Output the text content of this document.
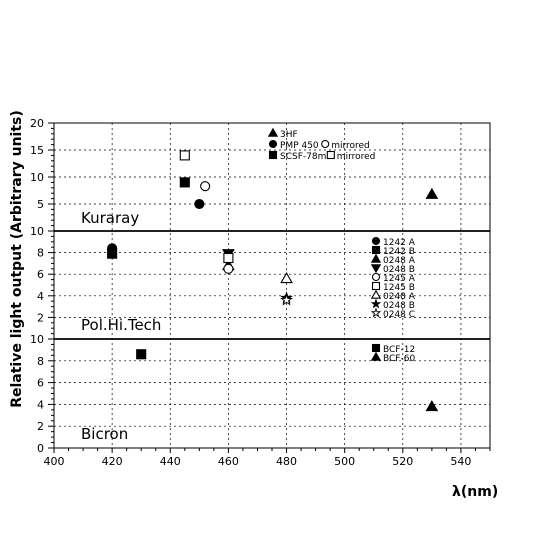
400	420	440	460	480	500	520	540
5
10
15
20
2
4
6
8
10
0
2
4
6
8
10
3HF
PMP 450 mirrored
SCSF-78m mirrored
1242 A
1242 B
0248 A
0248 B
1245 A
1245 B
0248 A
0248 B
0248 C
BCF-12
BCF-60
Kuraray
Pol.Hi.Tech
Bicron
λ(nm)
Relative light output (Arbitrary units)
